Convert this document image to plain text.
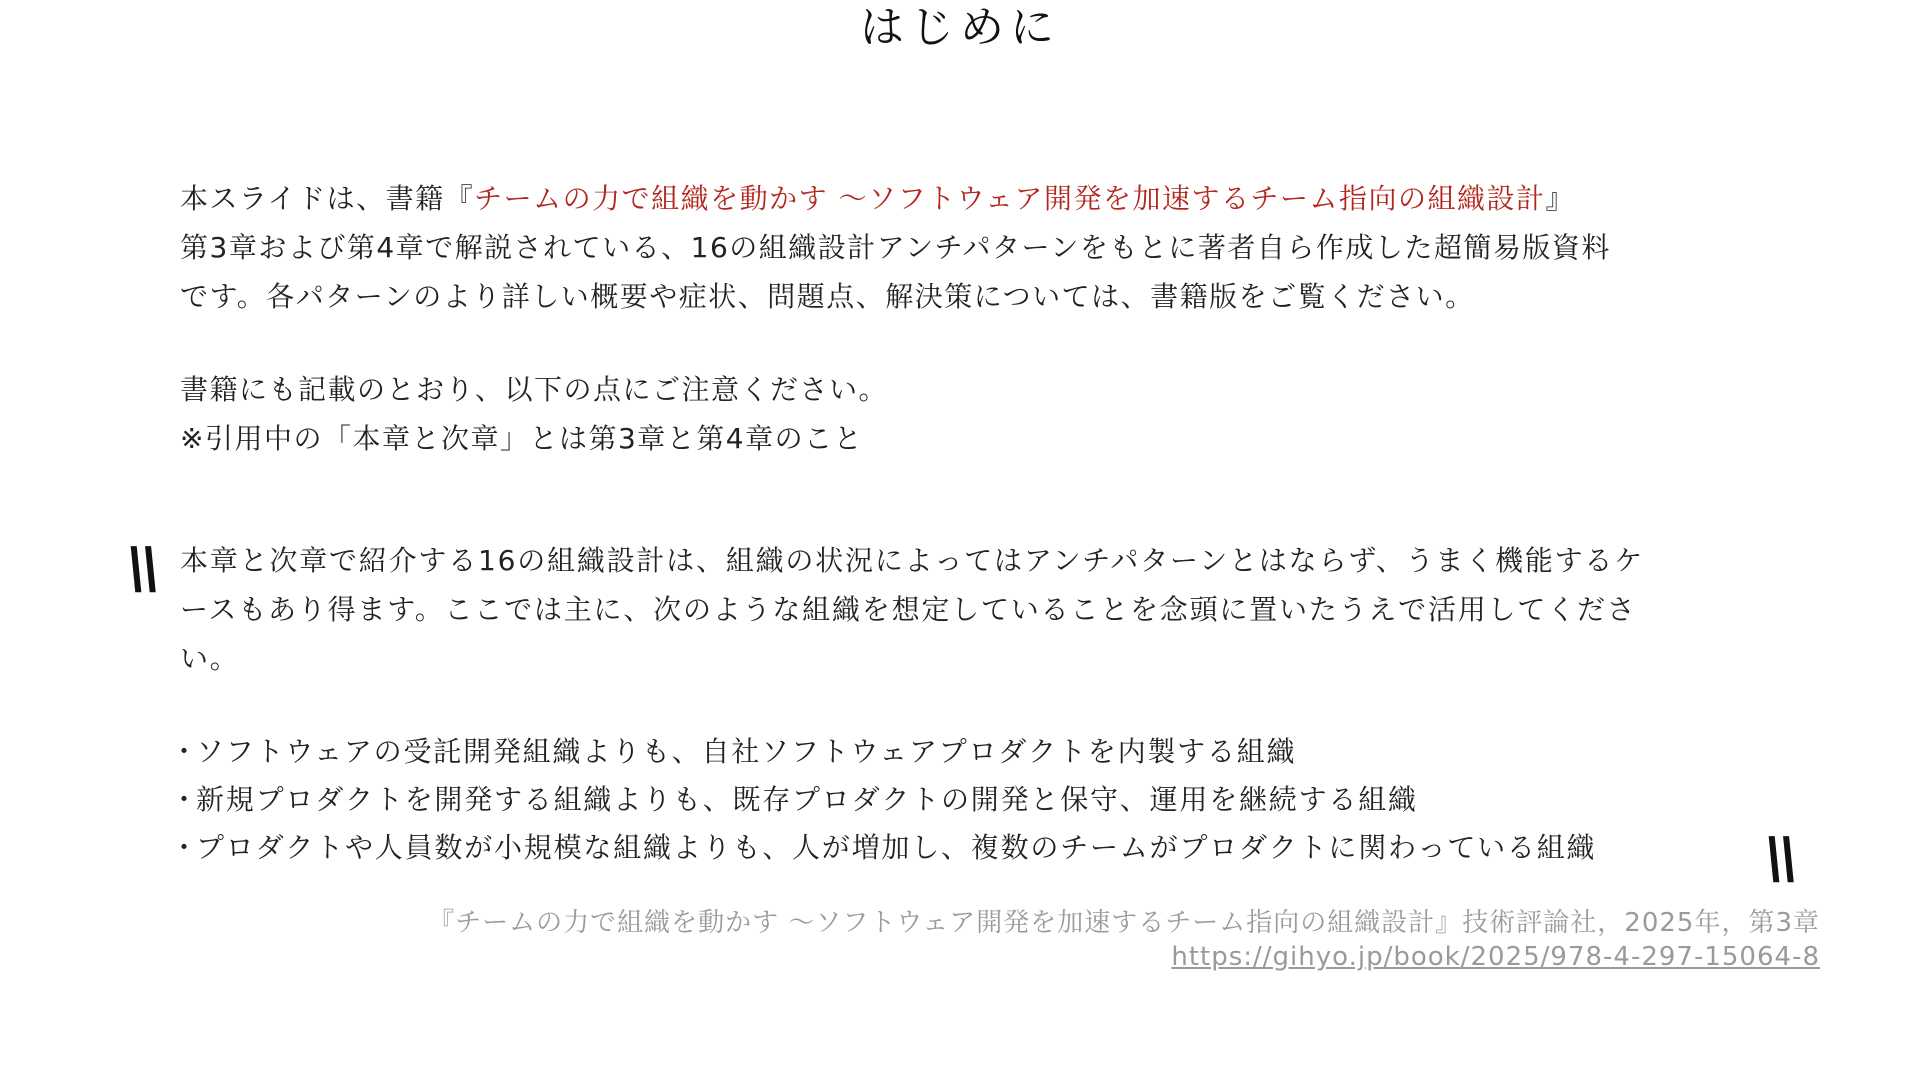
はじめに
本スライドは、書籍『チームの力で組織を動かす 〜ソフトウェア開発を加速するチーム指向の組織設計』
第3章および第4章で解説されている、16の組織設計アンチパターンをもとに著者自ら作成した超簡易版資料
です。各パターンのより詳しい概要や症状、問題点、解決策については、書籍版をご覧ください。
書籍にも記載のとおり、以下の点にご注意ください。
※引用中の「本章と次章」とは第3章と第4章のこと
\\ 本章と次章で紹介する16の組織設計は、組織の状況によってはアンチパターンとはならず、うまく機能するケ
ースもあり得ます。ここでは主に、次のような組織を想定していることを念頭に置いたうえで活用してくださ
い。
・ソフトウェアの受託開発組織よりも、自社ソフトウェアプロダクトを内製する組織
・新規プロダクトを開発する組織よりも、既存プロダクトの開発と保守、運用を継続する組織
・プロダクトや人員数が小規模な組織よりも、人が増加し、複数のチームがプロダクトに関わっている組織	\\
『チームの力で組織を動かす 〜ソフトウェア開発を加速するチーム指向の組織設計』技術評論社，2025年，第3章
https://gihyo.jp/book/2025/978-4-297-15064-8
